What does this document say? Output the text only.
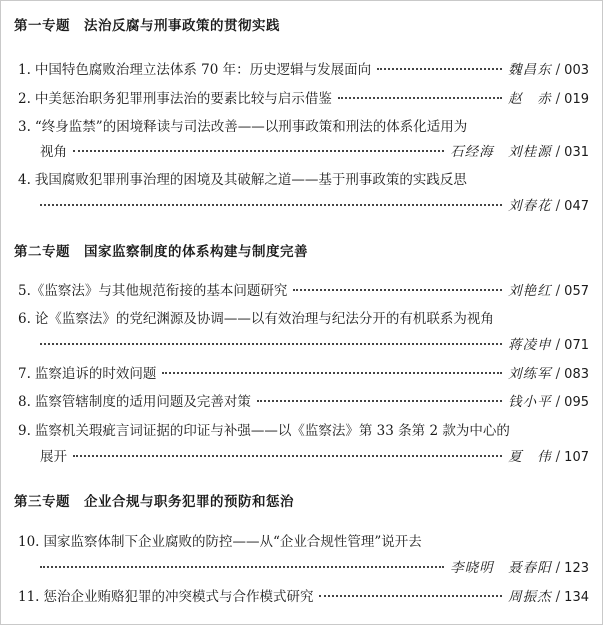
第一专题　法治反腐与刑事政策的贯彻实践
1. 中国特色腐败治理立法体系 70 年：历史逻辑与发展面向	魏昌东 / 003
2. 中美惩治职务犯罪刑事法治的要素比较与启示借鉴	赵　赤 / 019
3. “终身监禁”的困境释读与司法改善——以刑事政策和刑法的体系化适用为
视角	石经海　刘桂源 / 031
4. 我国腐败犯罪刑事治理的困境及其破解之道——基于刑事政策的实践反思
刘春花 / 047
第二专题　国家监察制度的体系构建与制度完善
5. 《监察法》与其他规范衔接的基本问题研究	刘艳红 / 057
6. 论《监察法》的党纪渊源及协调——以有效治理与纪法分开的有机联系为视角
蒋凌申 / 071
7. 监察追诉的时效问题	刘练军 / 083
8. 监察管辖制度的适用问题及完善对策	钱小平 / 095
9. 监察机关瑕疵言词证据的印证与补强——以《监察法》第 33 条第 2 款为中心的
展开	夏　伟 / 107
第三专题　企业合规与职务犯罪的预防和惩治
10. 国家监察体制下企业腐败的防控——从“企业合规性管理”说开去
李晓明　聂春阳 / 123
11. 惩治企业贿赂犯罪的冲突模式与合作模式研究	周振杰 / 134
